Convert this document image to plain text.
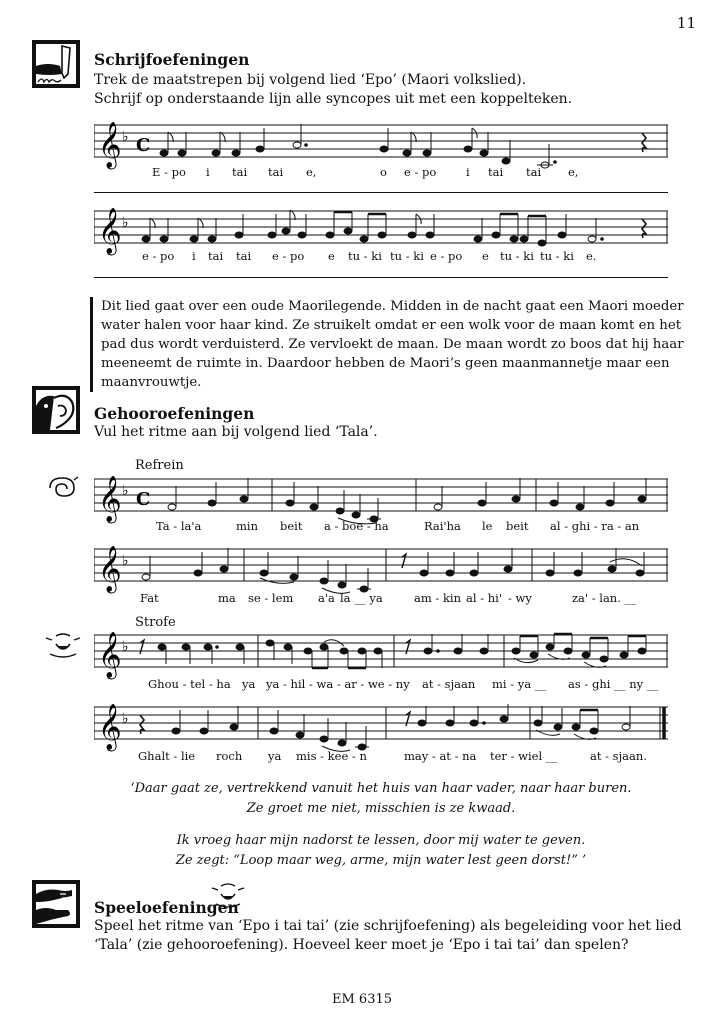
11
Schrijfoefeningen
Trek de maatstrepen bij volgend lied ‘Epo’ (Maori volkslied).
Schrijf op onderstaande lijn alle syncopes uit met een koppelteken.
𝄞 ♭ C
E - po i tai tai e,	o e - po	i tai tai e,
𝄞 ♭
e - po i tai tai e - po e tu - ki tu - ki e - po e tu - ki tu - ki e.
Dit lied gaat over een oude Maorilegende. Midden in de nacht gaat een Maori moeder water halen voor haar kind. Ze struikelt omdat er een wolk voor de maan komt en het pad dus wordt verduisterd. Ze vervloekt de maan. De maan wordt zo boos dat hij haar meeneemt de ruimte in. Daardoor hebben de Maori’s geen maanmannetje maar een maanvrouwtje.
Gehooroefeningen
Vul het ritme aan bij volgend lied ‘Tala’.
Refrein
𝄞 ♭ C
Ta - la'a	min beit a - boe - ha	Rai'ha le beit al - ghi - ra - an
𝄞 ♭
Fat	ma se - lem a'a la __ ya	am - kin al - hi' - wy	za' - lan. __
Strofe
𝄞 ♭
Ghou - tel - ha ya ya - hil - wa - ar - we - ny at - sjaan mi - ya __ as - ghi __ ny __
𝄞 ♭
Ghalt - lie roch ya mis - kee - n	may - at - na ter - wiel __	at - sjaan.
‘Daar gaat ze, vertrekkend vanuit het huis van haar vader, naar haar buren.
Ze groet me niet, misschien is ze kwaad.
Ik vroeg haar mijn nadorst te lessen, door mij water te geven.
Ze zegt: “Loop maar weg, arme, mijn water lest geen dorst!” ’
Speeloefeningen
Speel het ritme van ‘Epo i tai tai’ (zie schrijfoefening) als begeleiding voor het lied ‘Tala’ (zie gehooroefening). Hoeveel keer moet je ‘Epo i tai tai’ dan spelen?
EM 6315
